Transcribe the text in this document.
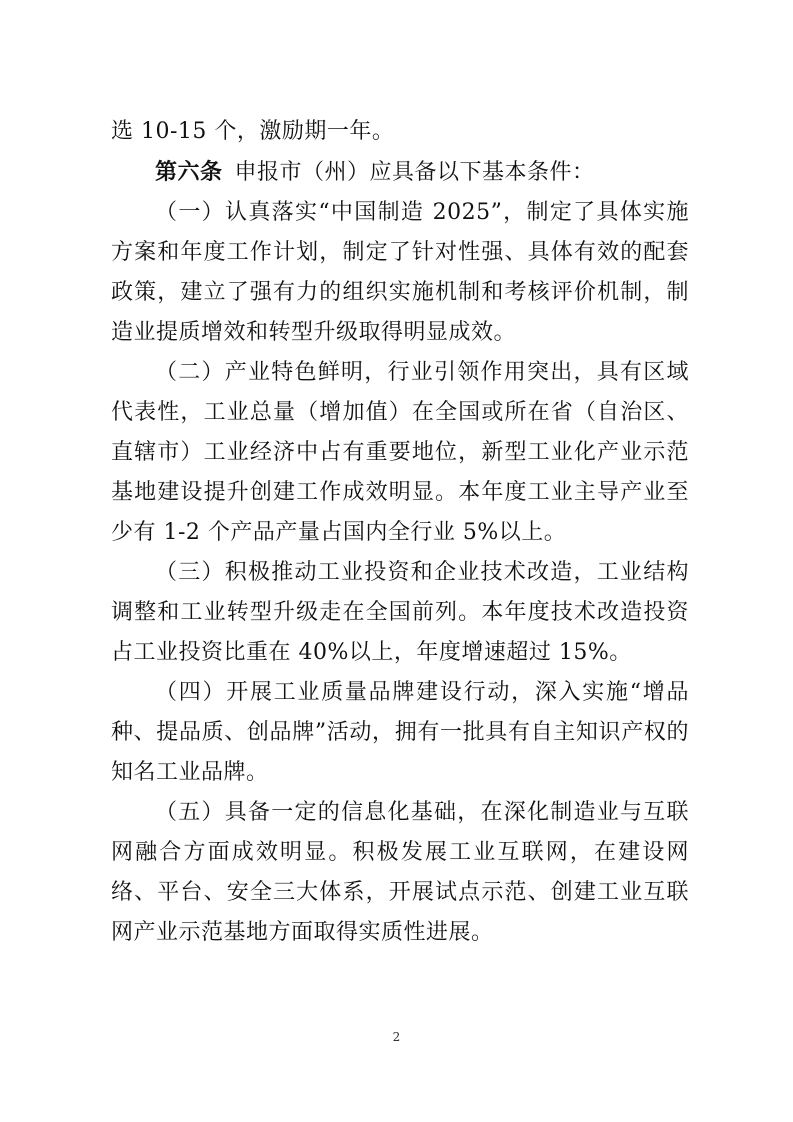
选 10-15 个，激励期一年。

第六条 申报市（州）应具备以下基本条件：

（一）认真落实“中国制造 2025”，制定了具体实施方案和年度工作计划，制定了针对性强、具体有效的配套政策，建立了强有力的组织实施机制和考核评价机制，制造业提质增效和转型升级取得明显成效。

（二）产业特色鲜明，行业引领作用突出，具有区域代表性，工业总量（增加值）在全国或所在省（自治区、直辖市）工业经济中占有重要地位，新型工业化产业示范基地建设提升创建工作成效明显。本年度工业主导产业至少有 1-2 个产品产量占国内全行业 5%以上。

（三）积极推动工业投资和企业技术改造，工业结构调整和工业转型升级走在全国前列。本年度技术改造投资占工业投资比重在 40%以上，年度增速超过 15%。

（四）开展工业质量品牌建设行动，深入实施“增品种、提品质、创品牌”活动，拥有一批具有自主知识产权的知名工业品牌。

（五）具备一定的信息化基础，在深化制造业与互联网融合方面成效明显。积极发展工业互联网，在建设网络、平台、安全三大体系，开展试点示范、创建工业互联网产业示范基地方面取得实质性进展。

2
